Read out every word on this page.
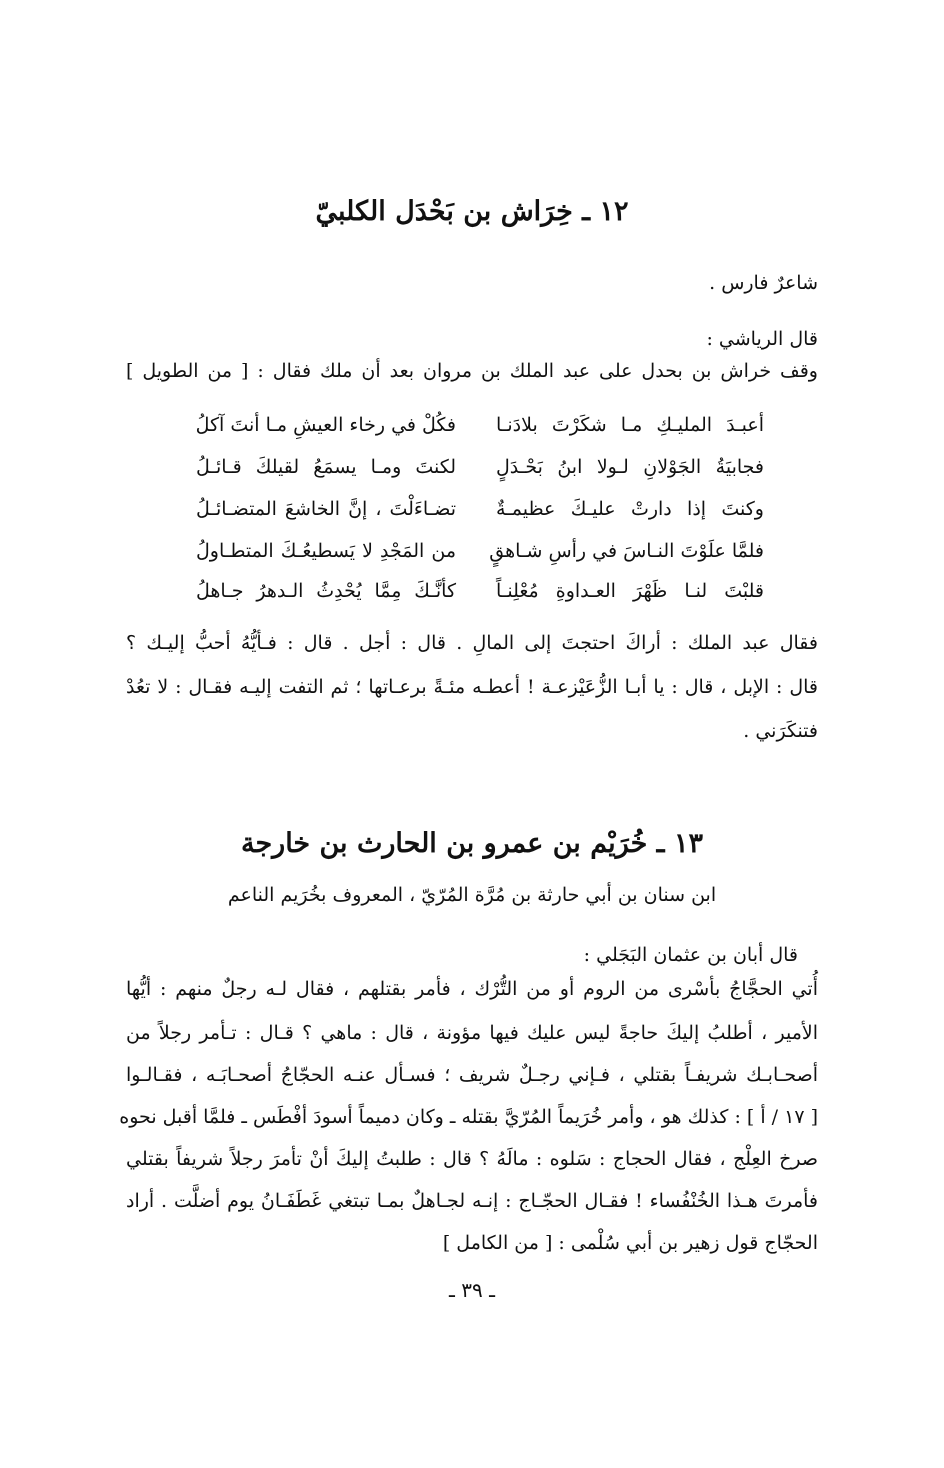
١٢ ـ خِرَاش بن بَحْدَل الكلبيّ
شاعرٌ فارس .
قال الرياشي :
وقف خراش بن بحدل على عبد الملك بن مروان بعد أن ملك فقال : [ من الطويل ]
أعبـدَ المليـكِ مـا شكَرْتَ بلادَنـا
فكُلْ في رخاء العيشِ مـا أنتَ آكلُ
فجابيَةُ الجَوْلانِ لـولا ابنُ بَحْـدَلٍ
لكنتَ ومـا يسمَعُ لقيلكَ قـائـلُ
وكنتَ إذا دارتْ عليـكَ عظيمـةٌ
تضـاءَلْتَ ، إنَّ الخاشعَ المتضـائـلُ
فلمَّا علَوْتَ النـاسَ في رأسِ شـاهقٍ
من المَجْدِ لا يَسطيعُـكَ المتطـاولُ
قلبْتَ لنـا ظَهْرَ العـداوةِ مُعْلِنـاً
كأنَّـكَ مِمَّا يُحْدِثُ الـدهرُ جـاهلُ
فقال عبد الملك : أراكَ احتجتَ إلى المالِ . قال : أجل . قال : فـأيُّهُ أحبُّ إليـك ؟
قال : الإبل ، قال : يا أبـا الزُّعَيْزعـة ! أعطـه مئـةً برعـاتها ؛ ثم التفت إليـه فقـال : لا تعُدْ
فتنكَرَني .
١٣ ـ خُرَيْم بن عمرو بن الحارث بن خارجة
ابن سنان بن أبي حارثة بن مُرَّة المُرّيّ ، المعروف بخُرَيم الناعم
قال أبان بن عثمان البَجَلي :
أُتي الحجَّاجُ بأسْرى من الروم أو من التُّرْك ، فأمر بقتلهم ، فقال لـه رجلٌ منهم : أيُّها
الأمير ، أطلبُ إليكَ حاجةً ليس عليك فيها مؤونة ، قال : ماهي ؟ قـال : تـأمر رجلاً من
أصحـابـك شريفـاً بقتلي ، فـإني رجـلٌ شريف ؛ فسـأل عنـه الحجّاجُ أصحـابَـه ، فقـالـوا
[ ١٧ / أ ] : كذلك هو ، وأمر خُرَيماً المُرّيَّ بقتله ـ وكان دميماً أسودَ أفْطَس ـ فلمَّا أقبل نحوه
صرخ العِلْج ، فقال الحجاج : سَلوه : مالَهُ ؟ قال : طلبتُ إليكَ أنْ تأمرَ رجلاً شريفاً بقتلي
فأمرتَ هـذا الخُنْفُساء ! فقـال الحجّـاج : إنـه لجـاهلٌ بمـا تبتغي غَطَفَـانُ يوم أضلَّت . أراد
الحجّاج قول زهير بن أبي سُلْمى : [ من الكامل ]
ـ ٣٩ ـ
